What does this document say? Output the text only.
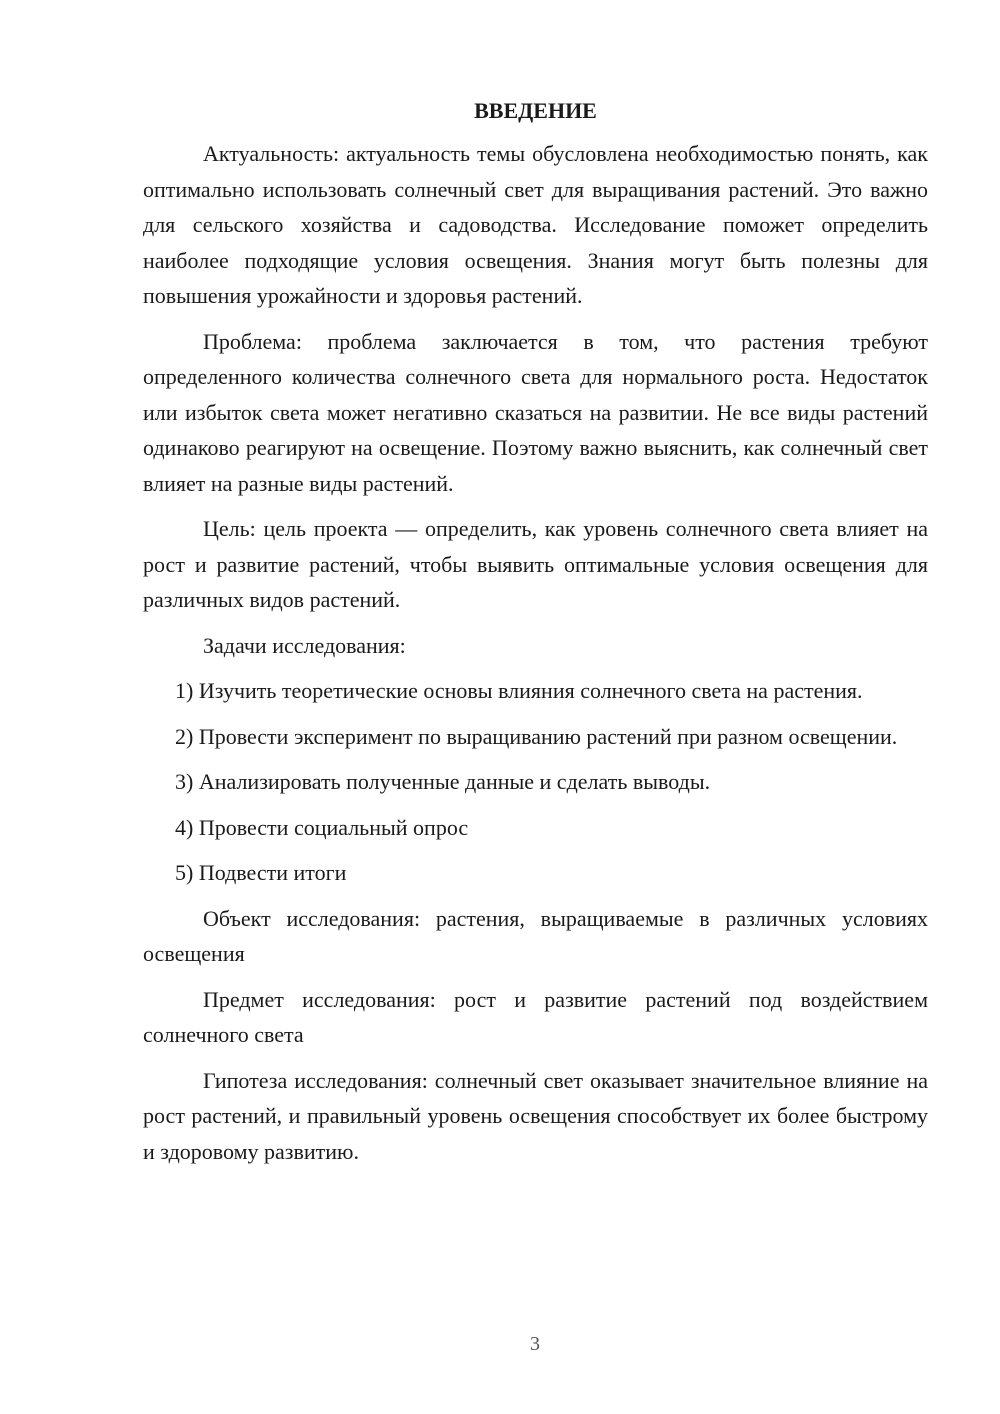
ВВЕДЕНИЕ

Актуальность: актуальность темы обусловлена необходимостью понять, как оптимально использовать солнечный свет для выращивания растений. Это важно для сельского хозяйства и садоводства. Исследование поможет определить наиболее подходящие условия освещения. Знания могут быть полезны для повышения урожайности и здоровья растений.

Проблема: проблема заключается в том, что растения требуют определенного количества солнечного света для нормального роста. Недостаток или избыток света может негативно сказаться на развитии. Не все виды растений одинаково реагируют на освещение. Поэтому важно выяснить, как солнечный свет влияет на разные виды растений.

Цель: цель проекта — определить, как уровень солнечного света влияет на рост и развитие растений, чтобы выявить оптимальные условия освещения для различных видов растений.

Задачи исследования:

1) Изучить теоретические основы влияния солнечного света на растения.

2) Провести эксперимент по выращиванию растений при разном освещении.

3) Анализировать полученные данные и сделать выводы.

4) Провести социальный опрос

5) Подвести итоги

Объект исследования: растения, выращиваемые в различных условиях освещения

Предмет исследования: рост и развитие растений под воздействием солнечного света

Гипотеза исследования: солнечный свет оказывает значительное влияние на рост растений, и правильный уровень освещения способствует их более быстрому и здоровому развитию.

3
